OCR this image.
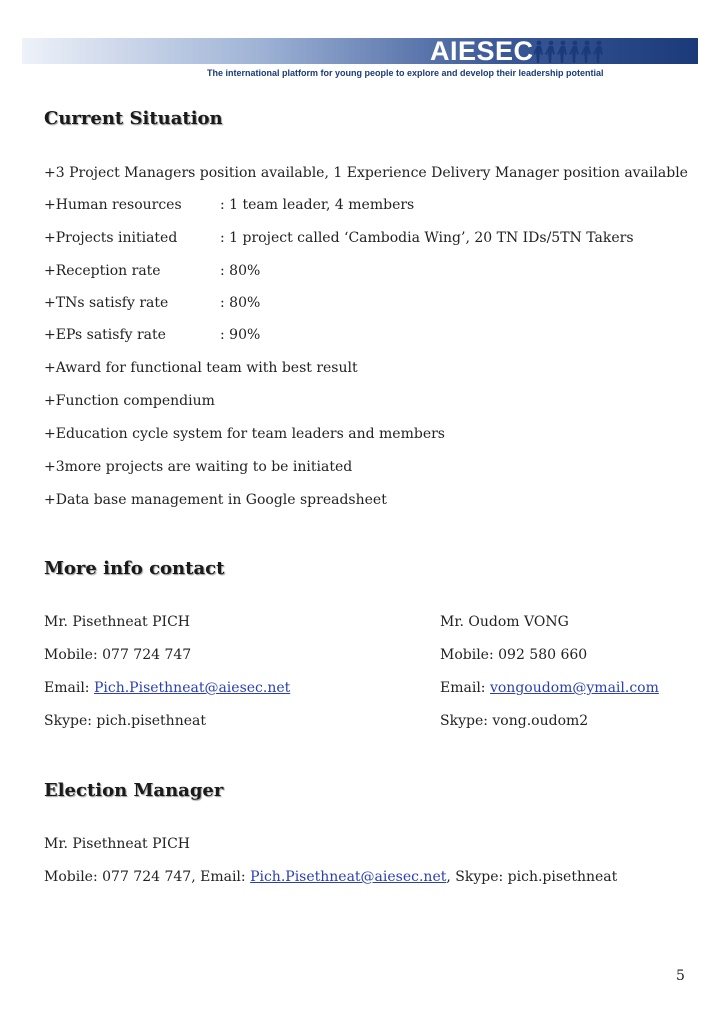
AIESEC
The international platform for young people to explore and develop their leadership potential
Current Situation
+3 Project Managers position available, 1 Experience Delivery Manager position available
+Human resources	: 1 team leader, 4 members
+Projects initiated	: 1 project called ‘Cambodia Wing’, 20 TN IDs/5TN Takers
+Reception rate	: 80%
+TNs satisfy rate	: 80%
+EPs satisfy rate	: 90%
+Award for functional team with best result
+Function compendium
+Education cycle system for team leaders and members
+3more projects are waiting to be initiated
+Data base management in Google spreadsheet
More info contact
Mr. Pisethneat PICH
Mobile: 077 724 747
Email: Pich.Pisethneat@aiesec.net
Skype: pich.pisethneat
Mr. Oudom VONG
Mobile: 092 580 660
Email: vongoudom@ymail.com
Skype: vong.oudom2
Election Manager
Mr. Pisethneat PICH
Mobile: 077 724 747, Email: Pich.Pisethneat@aiesec.net, Skype: pich.pisethneat
5
